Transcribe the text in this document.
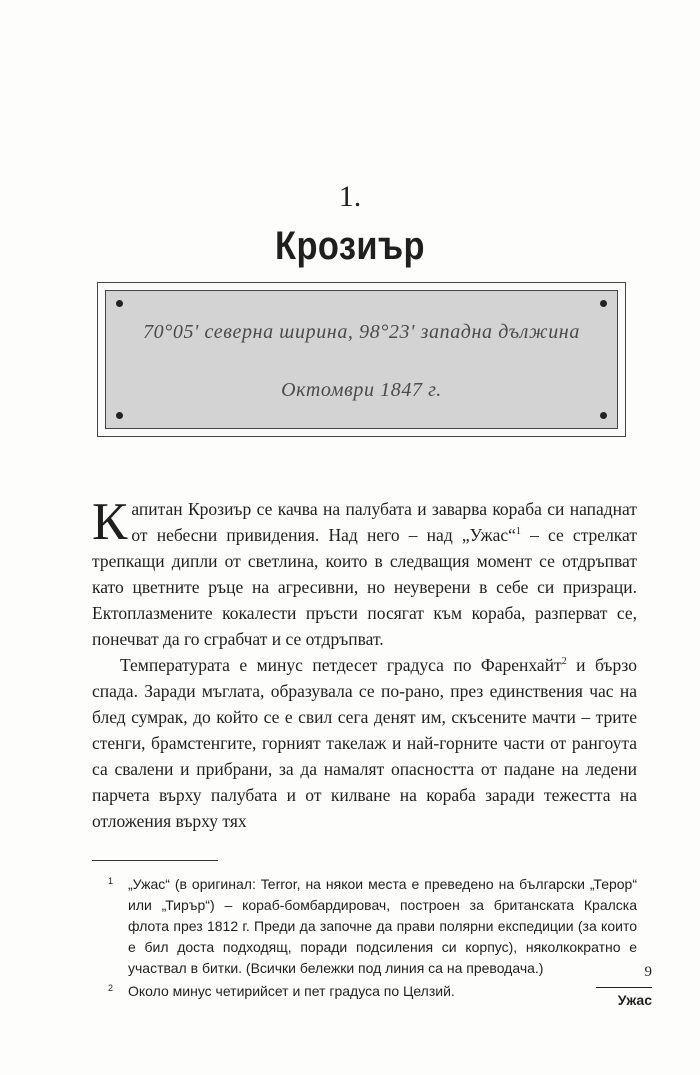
1.
Крозиър
70°05' северна ширина, 98°23' западна дължина
Октомври 1847 г.

Капитан Крозиър се качва на палубата и заварва кораба си нападнат от небесни привидения. Над него – над „Ужас“$^1$ – се стрелкат трепкащи дипли от светлина, които в следващия момент се отдръпват като цветните ръце на агресивни, но неуверени в себе си призраци. Ектоплазмените кокалести пръсти посягат към кораба, разперват се, понечват да го сграбчат и се отдръпват.

Температурата е минус петдесет градуса по Фаренхайт$^2$ и бързо спада. Заради мъглата, образувала се по-рано, през единствения час на блед сумрак, до който се е свил сега денят им, скъсените мачти – трите стенги, брамстенгите, горният такелаж и най-горните части от рангоута са свалени и прибрани, за да намалят опасността от падане на ледени парчета върху палубата и от килване на кораба заради тежестта на отложения върху тях

1 „Ужас“ (в оригинал: Terror, на някои места е преведено на български „Терор“ или „Тирър“) – кораб-бомбардировач, построен за британската Кралска флота през 1812 г. Преди да започне да прави полярни експедиции (за които е бил доста подходящ, поради подсиления си корпус), няколкократно е участвал в битки. (Всички бележки под линия са на преводача.)
2 Около минус четирийсет и пет градуса по Целзий.
9
Ужас
